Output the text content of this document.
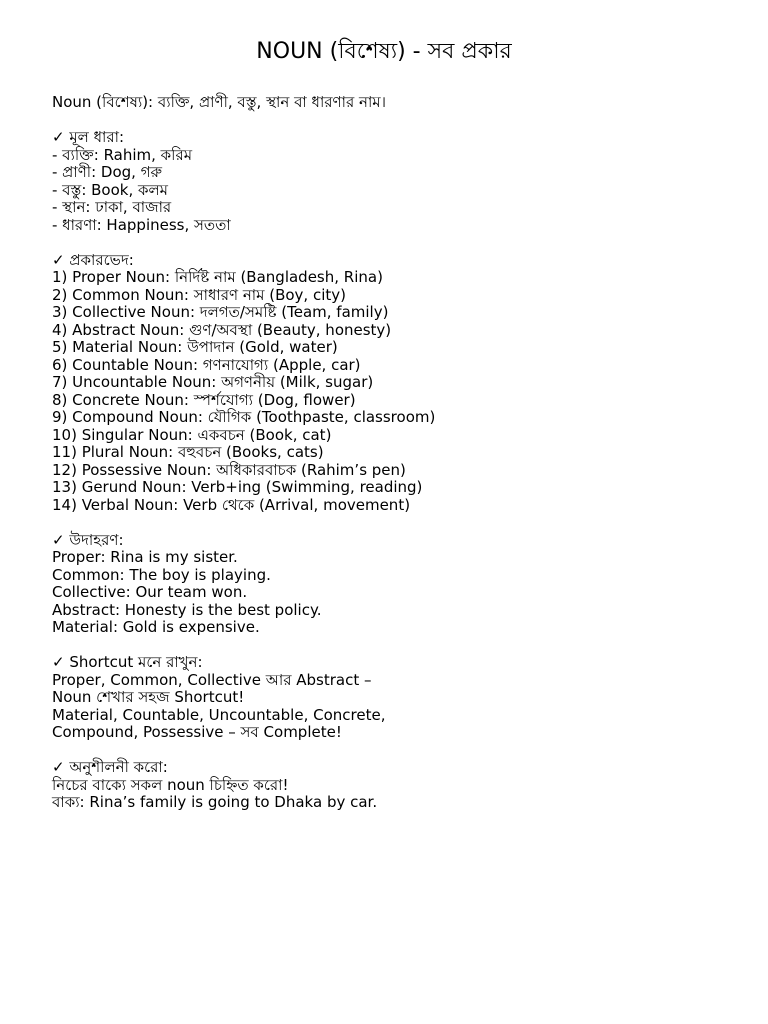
NOUN (বিশেষ্য) - সব প্রকার
Noun (বিশেষ্য): ব্যক্তি, প্রাণী, বস্তু, স্থান বা ধারণার নাম।
✓ মূল ধারা:
- ব্যক্তি: Rahim, করিম
- প্রাণী: Dog, গরু
- বস্তু: Book, কলম
- স্থান: ঢাকা, বাজার
- ধারণা: Happiness, সততা
✓ প্রকারভেদ:
1) Proper Noun: নির্দিষ্ট নাম (Bangladesh, Rina)
2) Common Noun: সাধারণ নাম (Boy, city)
3) Collective Noun: দলগত/সমষ্টি (Team, family)
4) Abstract Noun: গুণ/অবস্থা (Beauty, honesty)
5) Material Noun: উপাদান (Gold, water)
6) Countable Noun: গণনাযোগ্য (Apple, car)
7) Uncountable Noun: অগণনীয় (Milk, sugar)
8) Concrete Noun: স্পর্শযোগ্য (Dog, flower)
9) Compound Noun: যৌগিক (Toothpaste, classroom)
10) Singular Noun: একবচন (Book, cat)
11) Plural Noun: বহুবচন (Books, cats)
12) Possessive Noun: অধিকারবাচক (Rahim’s pen)
13) Gerund Noun: Verb+ing (Swimming, reading)
14) Verbal Noun: Verb থেকে (Arrival, movement)
✓ উদাহরণ:
Proper: Rina is my sister.
Common: The boy is playing.
Collective: Our team won.
Abstract: Honesty is the best policy.
Material: Gold is expensive.
✓ Shortcut মনে রাখুন:
Proper, Common, Collective আর Abstract –
Noun শেখার সহজ Shortcut!
Material, Countable, Uncountable, Concrete,
Compound, Possessive – সব Complete!
✓ অনুশীলনী করো:
নিচের বাক্যে সকল noun চিহ্নিত করো!
বাক্য: Rina’s family is going to Dhaka by car.
